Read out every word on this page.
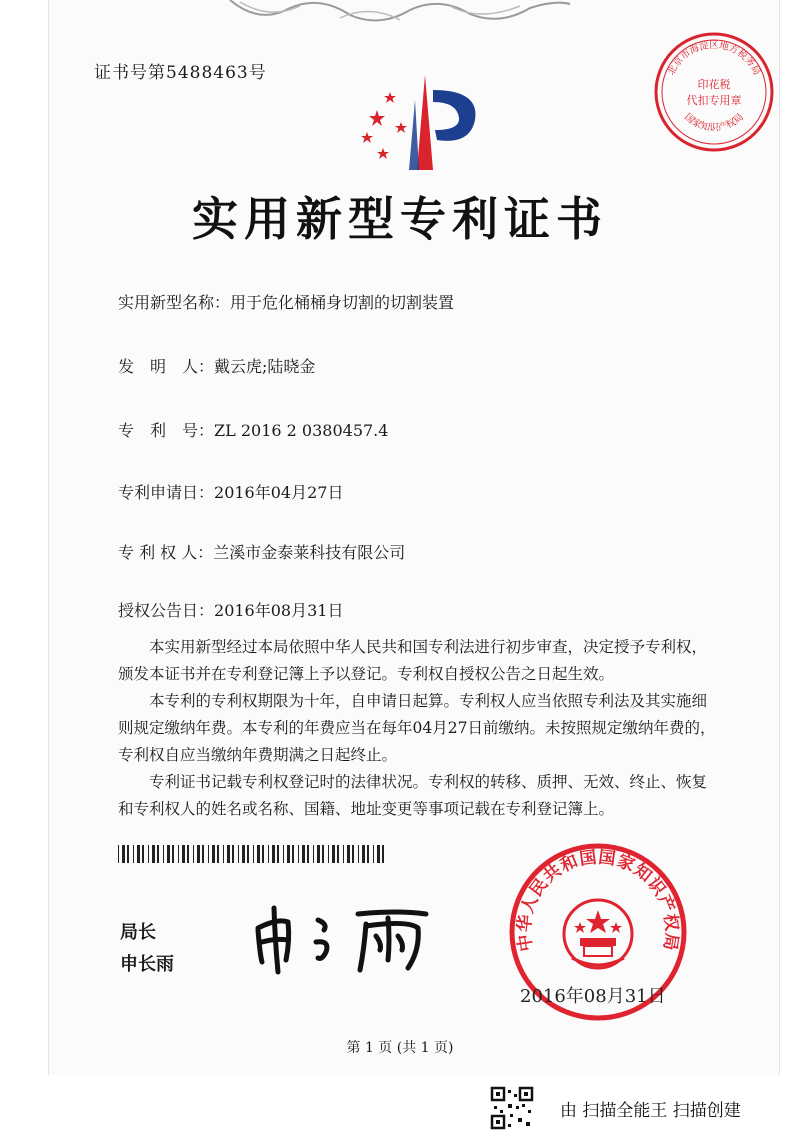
证书号第5488463号	北京市海淀区地方税务局
印花税
代扣专用章
国家知识产权局
实用新型专利证书
实用新型名称：用于危化桶桶身切割的切割装置
发　明　人：戴云虎;陆晓金
专　利　号：ZL 2016 2 0380457.4
专利申请日：2016年04月27日
专 利 权 人：兰溪市金泰莱科技有限公司
授权公告日：2016年08月31日

本实用新型经过本局依照中华人民共和国专利法进行初步审查，决定授予专利权，颁发本证书并在专利登记簿上予以登记。专利权自授权公告之日起生效。

本专利的专利权期限为十年，自申请日起算。专利权人应当依照专利法及其实施细则规定缴纳年费。本专利的年费应当在每年04月27日前缴纳。未按照规定缴纳年费的，专利权自应当缴纳年费期满之日起终止。

专利证书记载专利权登记时的法律状况。专利权的转移、质押、无效、终止、恢复和专利权人的姓名或名称、国籍、地址变更等事项记载在专利登记簿上。

局长
申长雨
中华人民共和国国家知识产权局
2016年08月31日
第 1 页 (共 1 页)
由 扫描全能王 扫描创建
